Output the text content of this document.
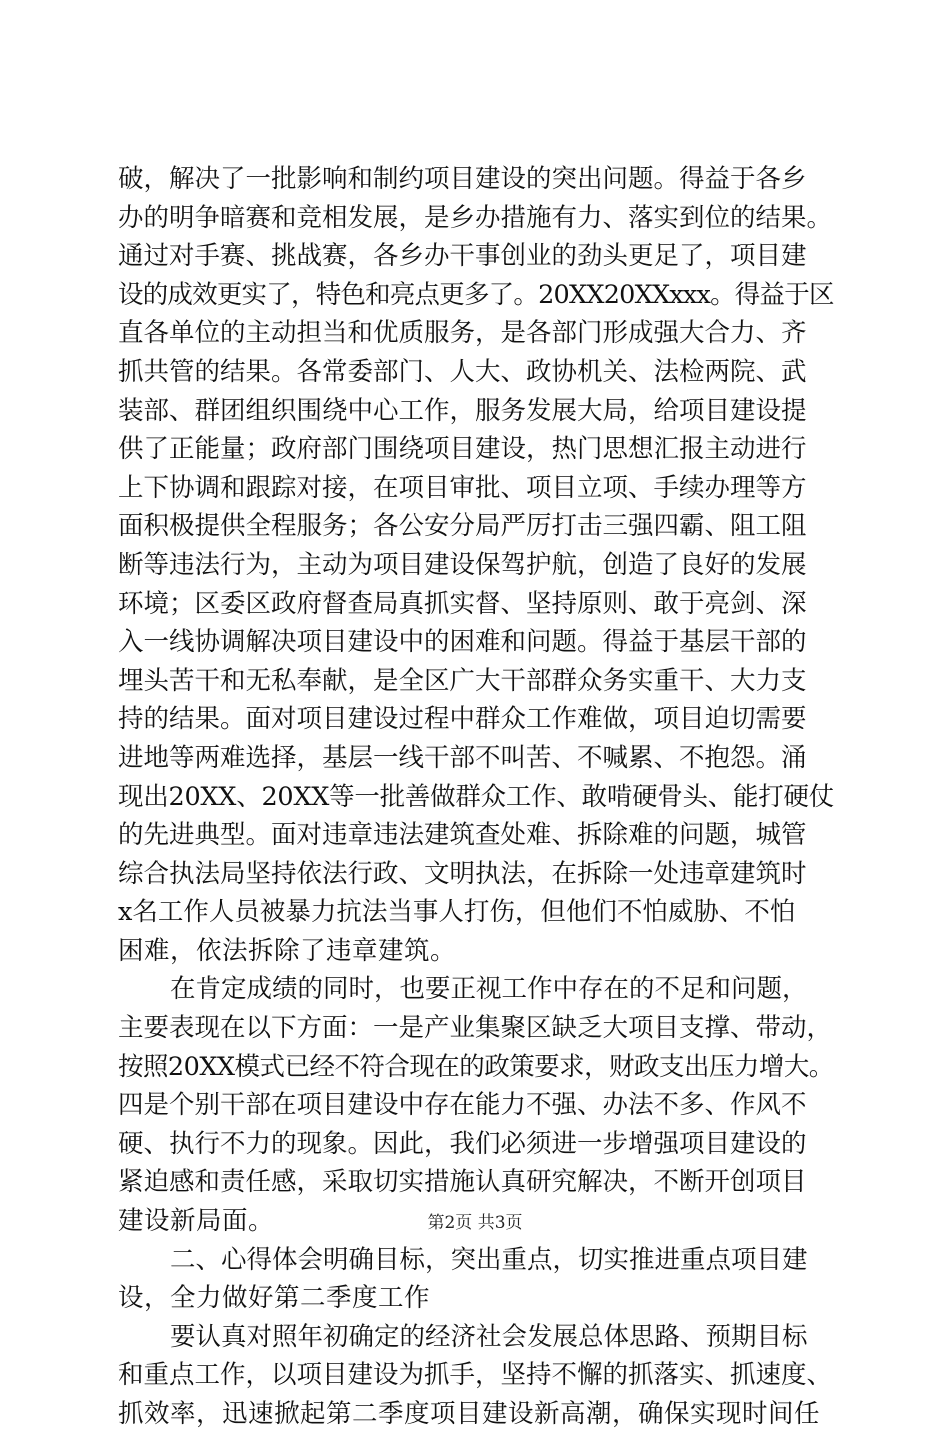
破，解决了一批影响和制约项目建设的突出问题。得益于各乡
办的明争暗赛和竞相发展，是乡办措施有力、落实到位的结果。
通过对手赛、挑战赛，各乡办干事创业的劲头更足了，项目建
设的成效更实了，特色和亮点更多了。20XX20XXxxx。得益于区
直各单位的主动担当和优质服务，是各部门形成强大合力、齐
抓共管的结果。各常委部门、人大、政协机关、法检两院、武
装部、群团组织围绕中心工作，服务发展大局，给项目建设提
供了正能量；政府部门围绕项目建设，热门思想汇报主动进行
上下协调和跟踪对接，在项目审批、项目立项、手续办理等方
面积极提供全程服务；各公安分局严厉打击三强四霸、阻工阻
断等违法行为，主动为项目建设保驾护航，创造了良好的发展
环境；区委区政府督查局真抓实督、坚持原则、敢于亮剑、深
入一线协调解决项目建设中的困难和问题。得益于基层干部的
埋头苦干和无私奉献，是全区广大干部群众务实重干、大力支
持的结果。面对项目建设过程中群众工作难做，项目迫切需要
进地等两难选择，基层一线干部不叫苦、不喊累、不抱怨。涌
现出20XX、20XX等一批善做群众工作、敢啃硬骨头、能打硬仗
的先进典型。面对违章违法建筑查处难、拆除难的问题，城管
综合执法局坚持依法行政、文明执法，在拆除一处违章建筑时
x名工作人员被暴力抗法当事人打伤，但他们不怕威胁、不怕
困难，依法拆除了违章建筑。
在肯定成绩的同时，也要正视工作中存在的不足和问题，
主要表现在以下方面：一是产业集聚区缺乏大项目支撑、带动，
按照20XX模式已经不符合现在的政策要求，财政支出压力增大。
四是个别干部在项目建设中存在能力不强、办法不多、作风不
硬、执行不力的现象。因此，我们必须进一步增强项目建设的
紧迫感和责任感，采取切实措施认真研究解决，不断开创项目
建设新局面。
二、心得体会明确目标，突出重点，切实推进重点项目建
设，全力做好第二季度工作
要认真对照年初确定的经济社会发展总体思路、预期目标
和重点工作，以项目建设为抓手，坚持不懈的抓落实、抓速度、
抓效率，迅速掀起第二季度项目建设新高潮，确保实现时间任
第2页 共3页
